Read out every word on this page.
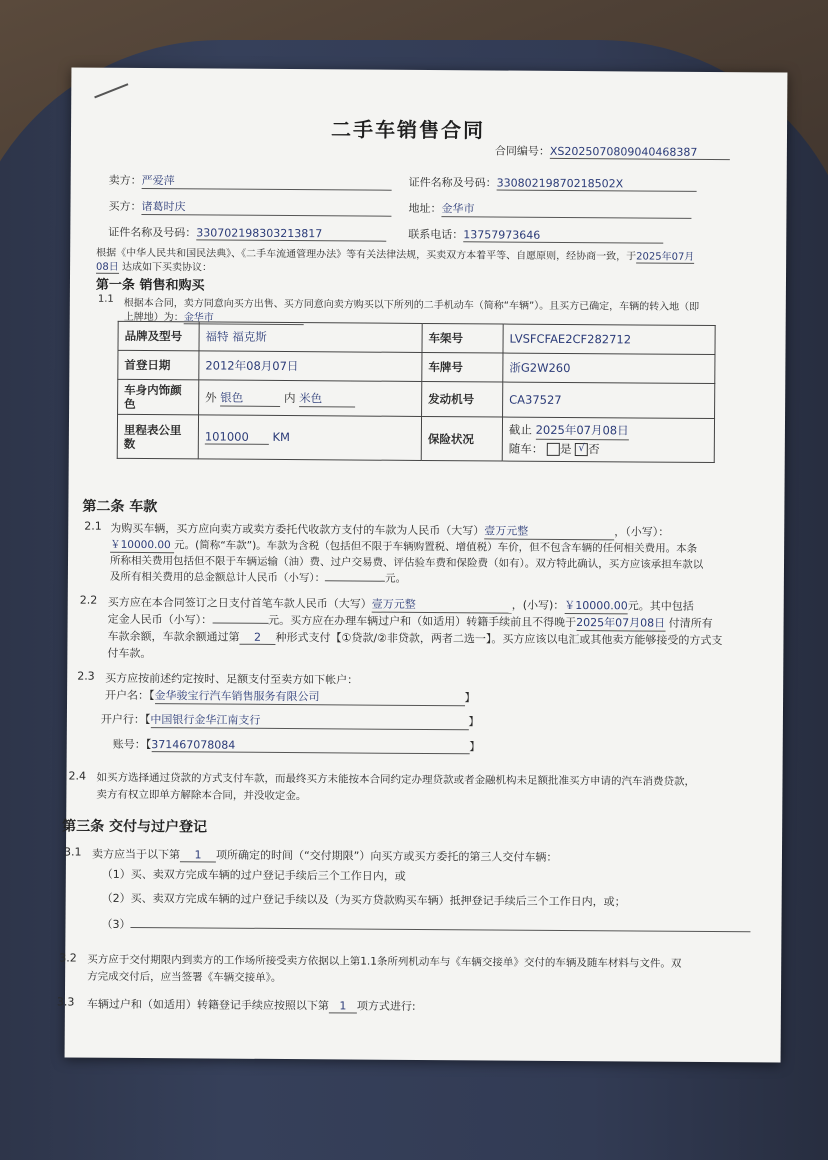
二手车销售合同
合同编号：XS2025070809040468387
卖方：严爱萍	证件名称及号码：33080219870218502X
买方：诸葛时庆	地址：金华市
证件名称及号码：330702198303213817	联系电话：13757973646
根据《中华人民共和国民法典》、《二手车流通管理办法》等有关法律法规，买卖双方本着平等、自愿原则，经协商一致，于2025年07月
08日 达成如下买卖协议：
第一条 销售和购买
1.1 根据本合同，卖方同意向买方出售、买方同意向卖方购买以下所列的二手机动车（简称“车辆”）。且买方已确定，车辆的转入地（即
上牌地）为：金华市
品牌及型号	福特 福克斯	车架号	LVSFCFAE2CF282712
首登日期	2012年08月07日	车牌号	浙G2W260
车身内饰颜色	外 银色 内 米色	发动机号	CA37527
里程表公里数	101000 KM	保险状况	截止 2025年07月08日
随车： 是 √ 否
第二条 车款
2.1 为购买车辆，买方应向卖方或卖方委托代收款方支付的车款为人民币（大写）壹万元整	，（小写）：
￥10000.00 元。(简称“车款”)。车款为含税（包括但不限于车辆购置税、增值税）车价，但不包含车辆的任何相关费用。本条
所称相关费用包括但不限于车辆运输（油）费、过户交易费、评估验车费和保险费（如有）。双方特此确认，买方应该承担车款以
及所有相关费用的总金额总计人民币（小写）：	元。
2.2 买方应在本合同签订之日支付首笔车款人民币（大写）壹万元整	，(小写)：￥10000.00元。其中包括
定金人民币（小写）：	元。买方应在办理车辆过户和（如适用）转籍手续前且不得晚于2025年07月08日 付清所有
车款余额，车款余额通过第 2 种形式支付【①贷款/②非贷款，两者二选一】。买方应该以电汇或其他卖方能够接受的方式支
付车款。
2.3 买方应按前述约定按时、足额支付至卖方如下帐户：
开户名：【金华骏宝行汽车销售服务有限公司	】
开户行：【中国银行金华江南支行	】
账号：【371467078084	】
2.4 如买方选择通过贷款的方式支付车款，而最终买方未能按本合同约定办理贷款或者金融机构未足额批准买方申请的汽车消费贷款，
卖方有权立即单方解除本合同，并没收定金。
第三条 交付与过户登记
3.1 卖方应当于以下第 1 项所确定的时间（“交付期限”）向买方或买方委托的第三人交付车辆：
（1）买、卖双方完成车辆的过户登记手续后三个工作日内，或
（2）买、卖双方完成车辆的过户登记手续以及（为买方贷款购买车辆）抵押登记手续后三个工作日内，或；
（3）
3.2 买方应于交付期限内到卖方的工作场所接受卖方依据以上第1.1条所列机动车与《车辆交接单》交付的车辆及随车材料与文件。双
方完成交付后，应当签署《车辆交接单》。
3.3 车辆过户和（如适用）转籍登记手续应按照以下第 1 项方式进行:
